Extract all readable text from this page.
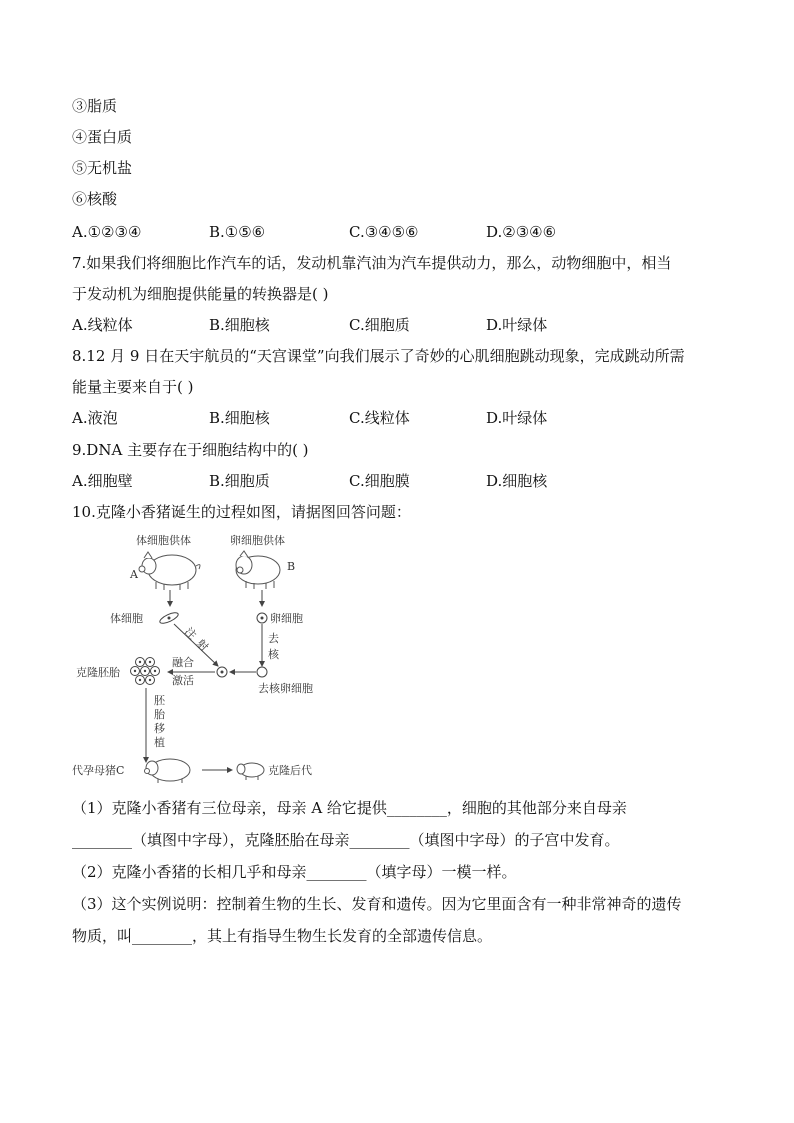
③脂质
④蛋白质
⑤无机盐
⑥核酸
A.①②③④	B.①⑤⑥	C.③④⑤⑥	D.②③④⑥
7.如果我们将细胞比作汽车的话，发动机靠汽油为汽车提供动力，那么，动物细胞中，相当
于发动机为细胞提供能量的转换器是( )
A.线粒体	B.细胞核	C.细胞质	D.叶绿体
8.12 月 9 日在天宇航员的“天宫课堂”向我们展示了奇妙的心肌细胞跳动现象，完成跳动所需
能量主要来自于( )
A.液泡	B.细胞核	C.线粒体	D.叶绿体
9.DNA 主要存在于细胞结构中的( )
A.细胞壁	B.细胞质	C.细胞膜	D.细胞核
10.克隆小香猪诞生的过程如图，请据图回答问题：
体细胞供体	卵细胞供体
A
B
体细胞	卵细胞
注
射	去
核
去核卵细胞
融合
激活
克隆胚胎
胚
胎
移
植
代孕母猪C	克隆后代
（1）克隆小香猪有三位母亲，母亲 A 给它提供________，细胞的其他部分来自母亲
________（填图中字母），克隆胚胎在母亲________（填图中字母）的子宫中发育。
（2）克隆小香猪的长相几乎和母亲________（填字母）一模一样。
（3）这个实例说明：控制着生物的生长、发育和遗传。因为它里面含有一种非常神奇的遗传
物质，叫________，其上有指导生物生长发育的全部遗传信息。
